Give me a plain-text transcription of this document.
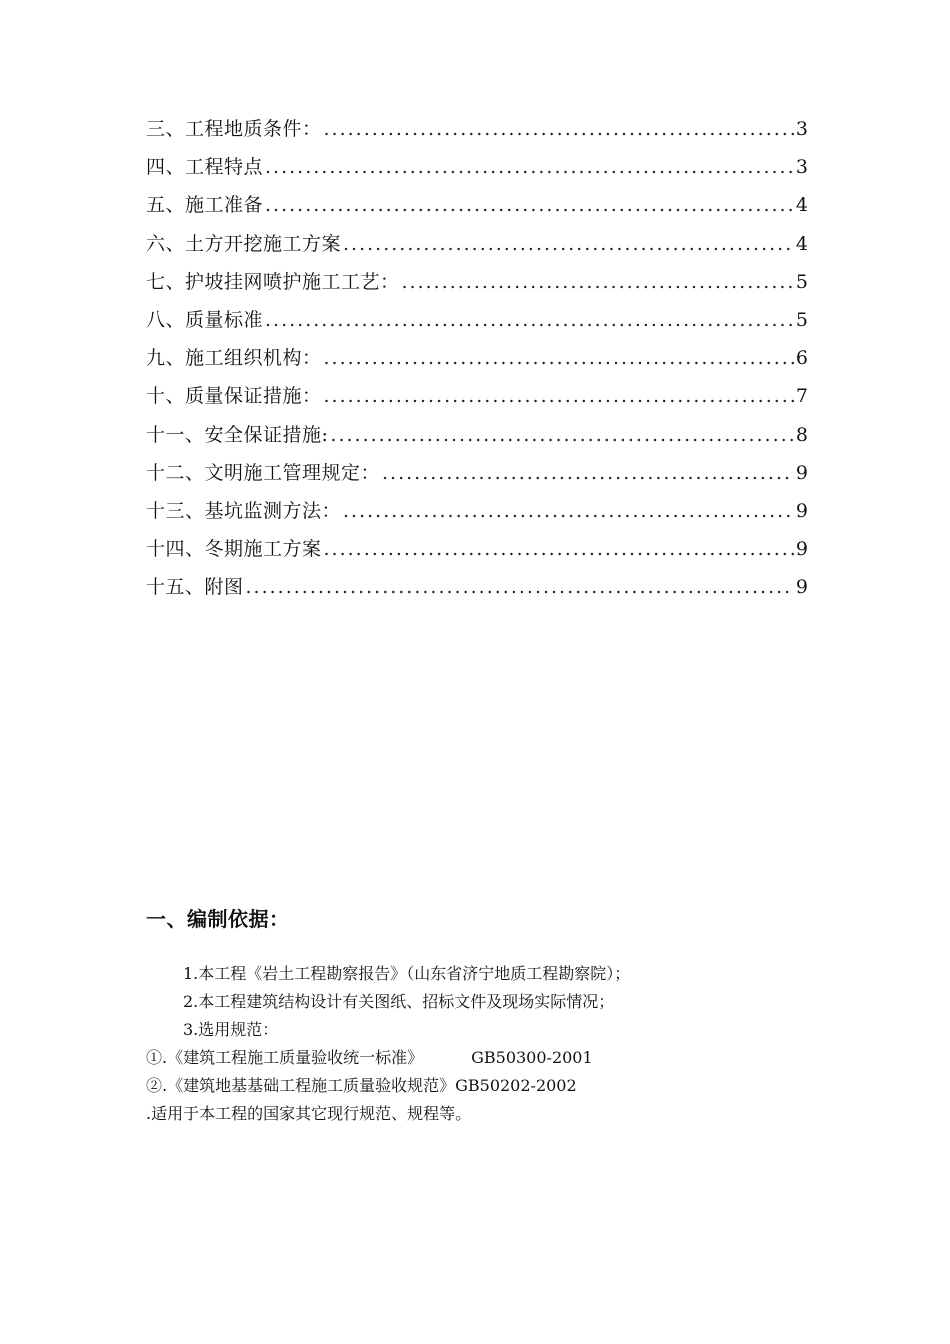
三、工程地质条件： .....	3
四、工程特点 .....	3
五、施工准备 .....	4
六、土方开挖施工方案 .....	4
七、护坡挂网喷护施工工艺： .....	5
八、质量标准 .....	5
九、施工组织机构： .....	6
十、质量保证措施： .....	7
十一、安全保证措施: .....	8
十二、文明施工管理规定： .....	9
十三、基坑监测方法： .....	9
十四、冬期施工方案 .....	9
十五、附图 .....	9
一、编制依据：
1.本工程《岩土工程勘察报告》（山东省济宁地质工程勘察院）；
2.本工程建筑结构设计有关图纸、招标文件及现场实际情况；
3.选用规范：
①.《建筑工程施工质量验收统一标准》	GB50300-2001
②.《建筑地基基础工程施工质量验收规范》GB50202-2002
.适用于本工程的国家其它现行规范、规程等。
